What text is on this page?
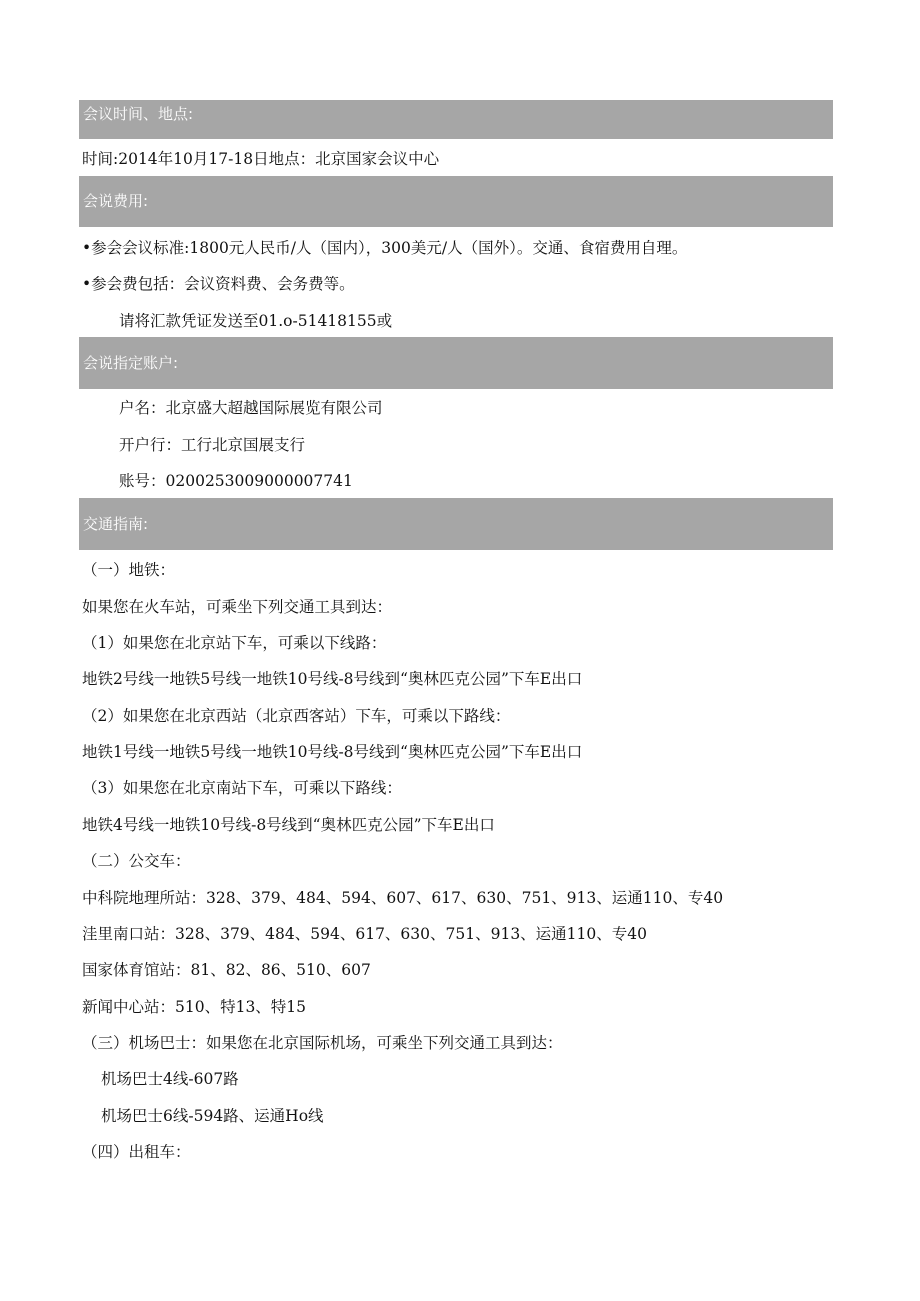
会议时间、地点:
时间:2014年10月17-18日地点：北京国家会议中心
会说费用:
•参会会议标准:1800元人民币/人（国内），300美元/人（国外）。交通、食宿费用自理。
•参会费包括：会议资料费、会务费等。
请将汇款凭证发送至01.o-51418155或
会说指定账户:
户名：北京盛大超越国际展览有限公司
开户行：工行北京国展支行
账号：0200253009000007741
交通指南:
（一）地铁：
如果您在火车站，可乘坐下列交通工具到达：
（1）如果您在北京站下车，可乘以下线路：
地铁2号线一地铁5号线一地铁10号线-8号线到“奥林匹克公园”下车E出口
（2）如果您在北京西站（北京西客站）下车，可乘以下路线：
地铁1号线一地铁5号线一地铁10号线-8号线到“奥林匹克公园”下车E出口
（3）如果您在北京南站下车，可乘以下路线：
地铁4号线一地铁10号线-8号线到“奥林匹克公园”下车E出口
（二）公交车：
中科院地理所站：328、379、484、594、607、617、630、751、913、运通110、专40
洼里南口站：328、379、484、594、617、630、751、913、运通110、专40
国家体育馆站：81、82、86、510、607
新闻中心站：510、特13、特15
（三）机场巴士：如果您在北京国际机场，可乘坐下列交通工具到达：
机场巴士4线-607路
机场巴士6线-594路、运通Ho线
（四）出租车：
